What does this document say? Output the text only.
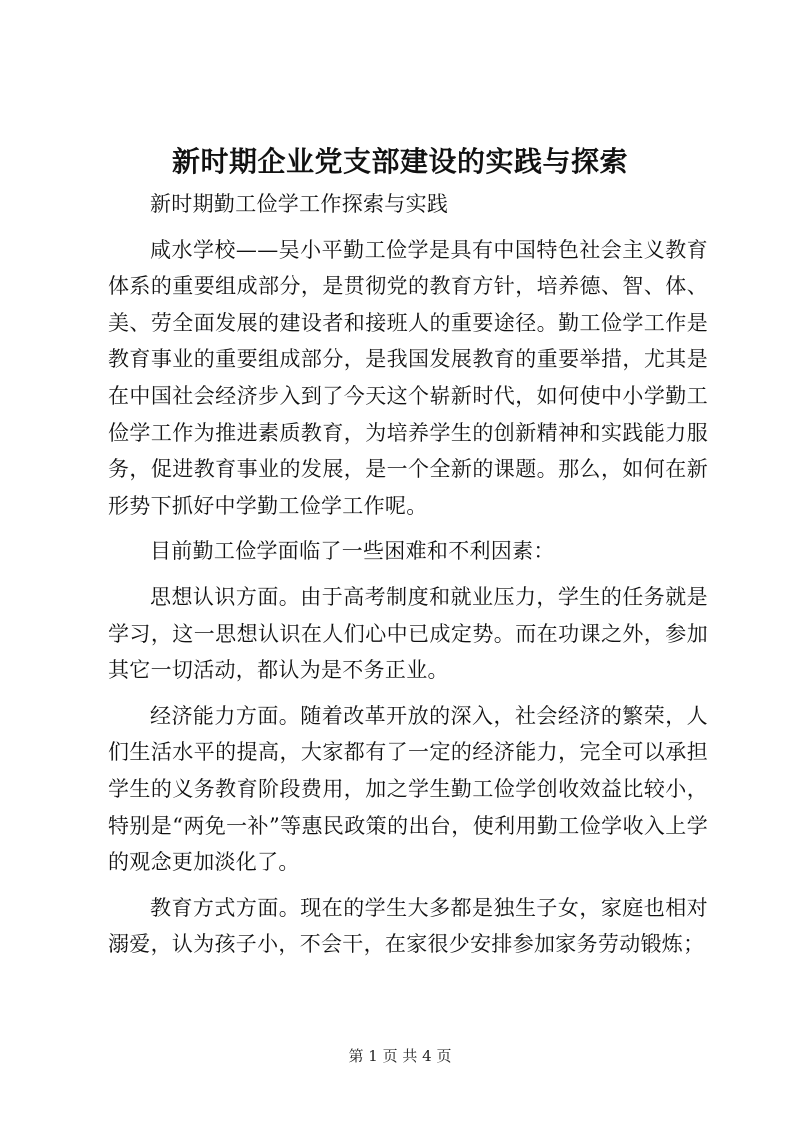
新时期企业党支部建设的实践与探索

新时期勤工俭学工作探索与实践

咸水学校——吴小平勤工俭学是具有中国特色社会主义教育体系的重要组成部分，是贯彻党的教育方针，培养德、智、体、美、劳全面发展的建设者和接班人的重要途径。勤工俭学工作是教育事业的重要组成部分，是我国发展教育的重要举措，尤其是在中国社会经济步入到了今天这个崭新时代，如何使中小学勤工俭学工作为推进素质教育，为培养学生的创新精神和实践能力服务，促进教育事业的发展，是一个全新的课题。那么，如何在新形势下抓好中学勤工俭学工作呢。

目前勤工俭学面临了一些困难和不利因素：

思想认识方面。由于高考制度和就业压力，学生的任务就是学习，这一思想认识在人们心中已成定势。而在功课之外，参加其它一切活动，都认为是不务正业。

经济能力方面。随着改革开放的深入，社会经济的繁荣，人们生活水平的提高，大家都有了一定的经济能力，完全可以承担学生的义务教育阶段费用，加之学生勤工俭学创收效益比较小，特别是“两免一补”等惠民政策的出台，使利用勤工俭学收入上学的观念更加淡化了。

教育方式方面。现在的学生大多都是独生子女，家庭也相对溺爱，认为孩子小，不会干，在家很少安排参加家务劳动锻炼；

第 1 页 共 4 页
